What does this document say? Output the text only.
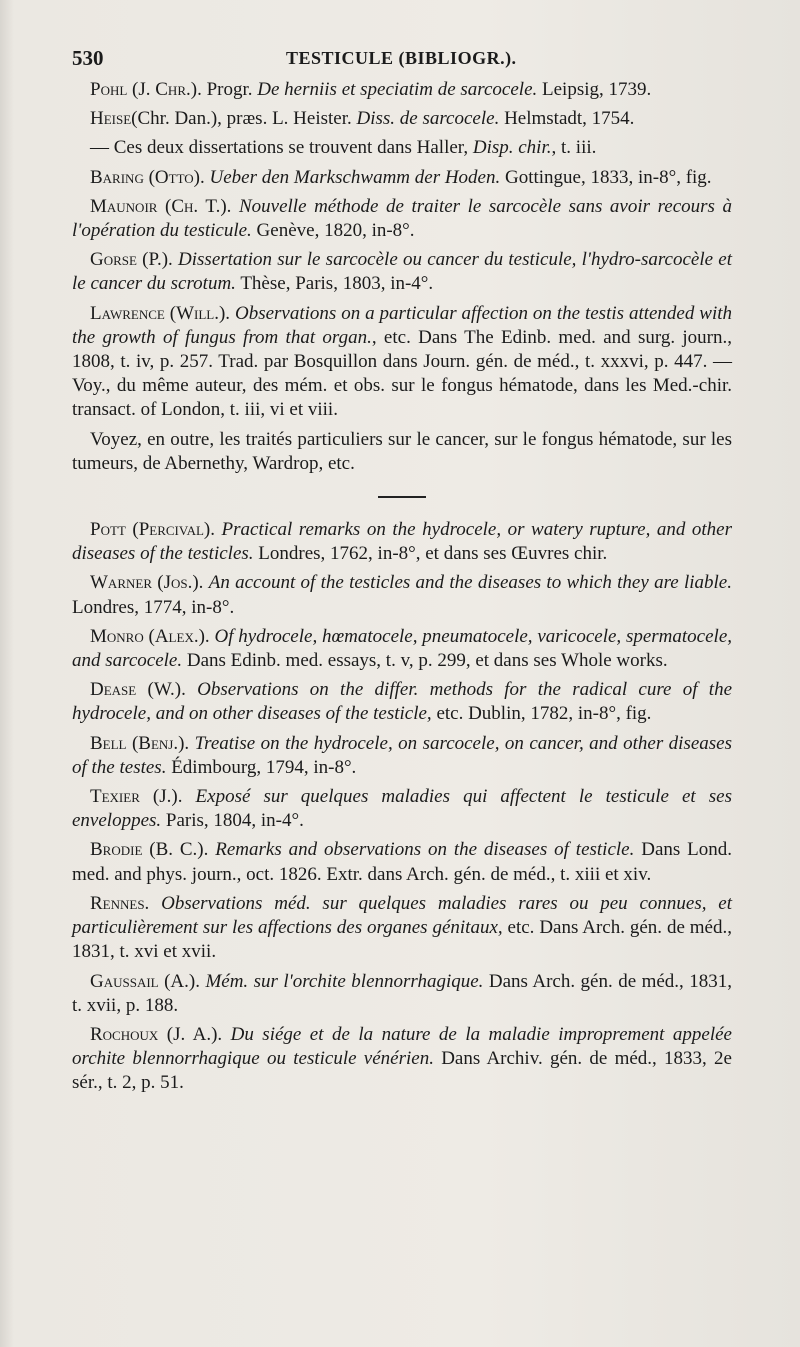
530	TESTICULE (BIBLIOGR.).

Pohl (J. Chr.). Progr. De herniis et speciatim de sarcocele. Leipsig, 1739.

Heise(Chr. Dan.), præs. L. Heister. Diss. de sarcocele. Helmstadt, 1754.

— Ces deux dissertations se trouvent dans Haller, Disp. chir., t. iii.

Baring (Otto). Ueber den Markschwamm der Hoden. Gottingue, 1833, in-8°, fig.

Maunoir (Ch. T.). Nouvelle méthode de traiter le sarcocèle sans avoir recours à l'opération du testicule. Genève, 1820, in-8°.

Gorse (P.). Dissertation sur le sarcocèle ou cancer du testicule, l'hydro-sarcocèle et le cancer du scrotum. Thèse, Paris, 1803, in-4°.

Lawrence (Will.). Observations on a particular affection on the testis attended with the growth of fungus from that organ., etc. Dans The Edinb. med. and surg. journ., 1808, t. iv, p. 257. Trad. par Bosquillon dans Journ. gén. de méd., t. xxxvi, p. 447. —Voy., du même auteur, des mém. et obs. sur le fongus hématode, dans les Med.-chir. transact. of London, t. iii, vi et viii.

Voyez, en outre, les traités particuliers sur le cancer, sur le fongus hématode, sur les tumeurs, de Abernethy, Wardrop, etc.

Pott (Percival). Practical remarks on the hydrocele, or watery rupture, and other diseases of the testicles. Londres, 1762, in-8°, et dans ses Œuvres chir.

Warner (Jos.). An account of the testicles and the diseases to which they are liable. Londres, 1774, in-8°.

Monro (Alex.). Of hydrocele, hœmatocele, pneumatocele, varicocele, spermatocele, and sarcocele. Dans Edinb. med. essays, t. v, p. 299, et dans ses Whole works.

Dease (W.). Observations on the differ. methods for the radical cure of the hydrocele, and on other diseases of the testicle, etc. Dublin, 1782, in-8°, fig.

Bell (Benj.). Treatise on the hydrocele, on sarcocele, on cancer, and other diseases of the testes. Édimbourg, 1794, in-8°.

Texier (J.). Exposé sur quelques maladies qui affectent le testicule et ses enveloppes. Paris, 1804, in-4°.

Brodie (B. C.). Remarks and observations on the diseases of testicle. Dans Lond. med. and phys. journ., oct. 1826. Extr. dans Arch. gén. de méd., t. xiii et xiv.

Rennes. Observations méd. sur quelques maladies rares ou peu connues, et particulièrement sur les affections des organes génitaux, etc. Dans Arch. gén. de méd., 1831, t. xvi et xvii.

Gaussail (A.). Mém. sur l'orchite blennorrhagique. Dans Arch. gén. de méd., 1831, t. xvii, p. 188.

Rochoux (J. A.). Du siége et de la nature de la maladie improprement appelée orchite blennorrhagique ou testicule vénérien. Dans Archiv. gén. de méd., 1833, 2e sér., t. 2, p. 51.
